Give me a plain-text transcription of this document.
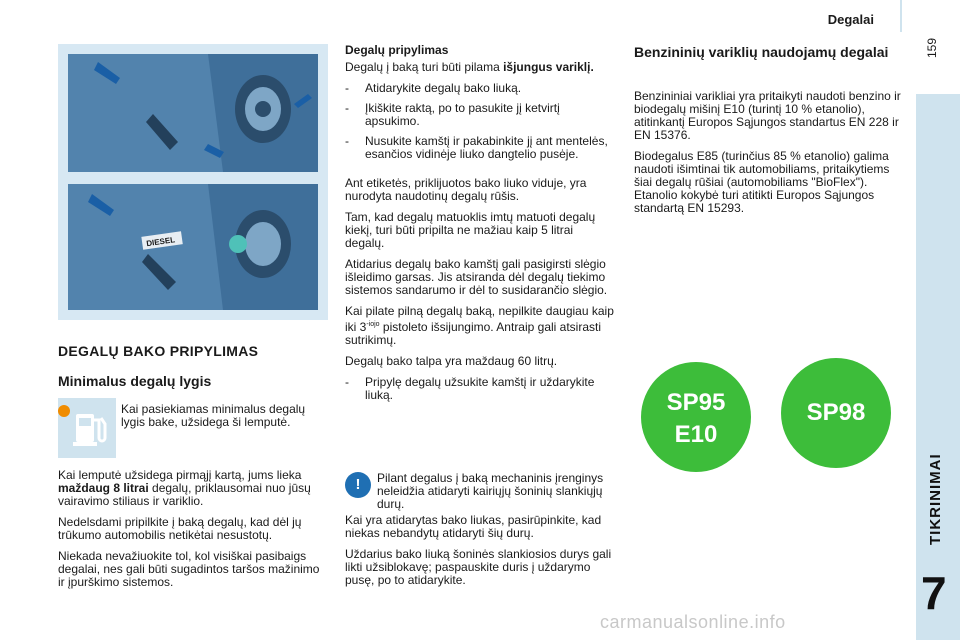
Degalai
159
TIKRINIMAI
7
DIESEL
DEGALŲ BAKO PRIPYLIMAS
Minimalus degalų lygis
Kai pasiekiamas minimalus degalų lygis bake, užsidega ši lemputė.

Kai lemputė užsidega pirmąjį kartą, jums lieka maždaug 8 litrai degalų, priklausomai nuo jūsų vairavimo stiliaus ir variklio.

Nedelsdami pripilkite į baką degalų, kad dėl jų trūkumo automobilis netikėtai nesustotų.

Niekada nevažiuokite tol, kol visiškai pasibaigs degalai, nes gali būti sugadintos taršos mažinimo ir įpurškimo sistemos.

Degalų pripylimas

Degalų į baką turi būti pilama išjungus variklį.

- Atidarykite degalų bako liuką.
- Įkiškite raktą, po to pasukite jį ketvirtį apsukimo.
- Nusukite kamštį ir pakabinkite jį ant mentelės, esančios vidinėje liuko dangtelio pusėje.

Ant etiketės, priklijuotos bako liuko viduje, yra nurodyta naudotinų degalų rūšis.

Tam, kad degalų matuoklis imtų matuoti degalų kiekį, turi būti pripilta ne mažiau kaip 5 litrai degalų.

Atidarius degalų bako kamštį gali pasigirsti slėgio išleidimo garsas. Jis atsiranda dėl degalų tiekimo sistemos sandarumo ir dėl to susidarančio slėgio.

Kai pilate pilną degalų baką, nepilkite daugiau kaip iki $3^{-iojo}$ pistoleto išsijungimo. Antraip gali atsirasti sutrikimų.

Degalų bako talpa yra maždaug 60 litrų.

- Pripylę degalų užsukite kamštį ir uždarykite liuką.
!	Pilant degalus į baką mechaninis įrenginys neleidžia atidaryti kairiųjų šoninių slankiųjų durų.

Kai yra atidarytas bako liukas, pasirūpinkite, kad niekas nebandytų atidaryti šių durų.

Uždarius bako liuką šoninės slankiosios durys gali likti užsiblokavę; paspauskite duris į uždarymo pusę, po to atidarykite.

Benzininių variklių naudojamų degalai

Benzininiai varikliai yra pritaikyti naudoti benzino ir biodegalų mišinį E10 (turintį 10 % etanolio), atitinkantį Europos Sąjungos standartus EN 228 ir EN 15376.

Biodegalus E85 (turinčius 85 % etanolio) galima naudoti išimtinai tik automobiliams, pritaikytiems šiai degalų rūšiai (automobiliams "BioFlex"). Etanolio kokybė turi atitikti Europos Sąjungos standartą EN 15293.

SP95
E10
SP98
carmanualsonline.info
